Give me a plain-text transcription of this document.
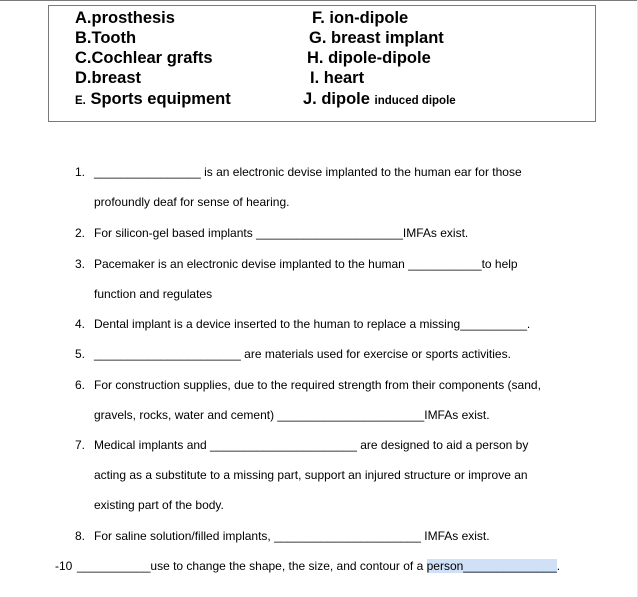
A.prosthesis
B.Tooth
C.Cochlear grafts
D.breast
E. Sports equipment
F. ion-dipole
G. breast implant
H. dipole-dipole
I. heart
J. dipole induced dipole
1. ________________ is an electronic devise implanted to the human ear for those
profoundly deaf for sense of hearing.
2. For silicon-gel based implants ______________________IMFAs exist.
3. Pacemaker is an electronic devise implanted to the human ___________to help
function and regulates
4. Dental implant is a device inserted to the human to replace a missing__________.
5. ______________________ are materials used for exercise or sports activities.
6. For construction supplies, due to the required strength from their components (sand,
gravels, rocks, water and cement) ______________________IMFAs exist.
7. Medical implants and ______________________ are designed to aid a person by
acting as a substitute to a missing part, support an injured structure or improve an
existing part of the body.
8. For saline solution/filled implants, ______________________ IMFAs exist.
-10 ___________use to change the shape, the size, and contour of a person______________.
